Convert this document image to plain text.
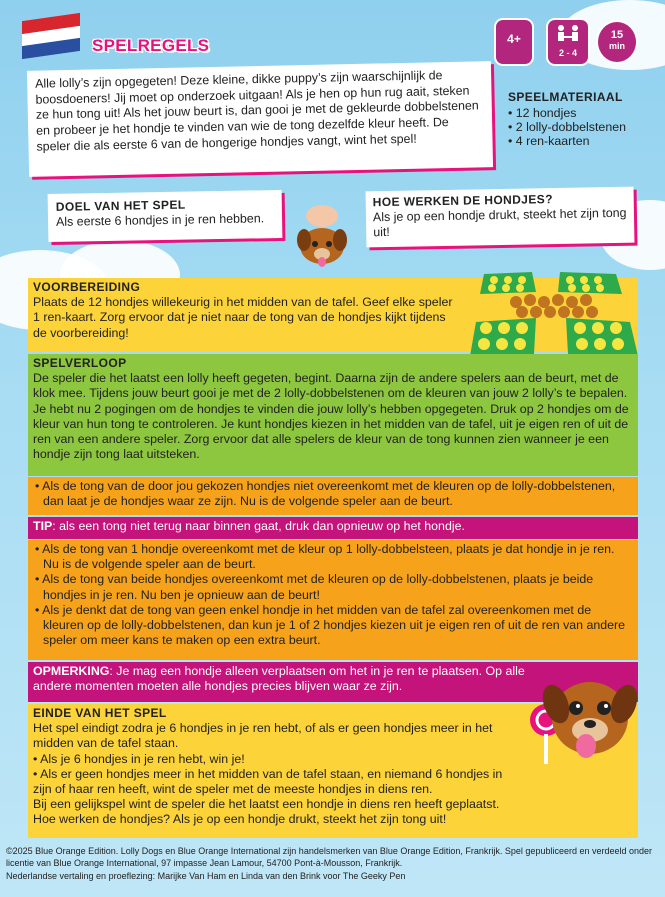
SPELREGELS	4+
2 - 4
15
min
Alle lolly’s zijn opgegeten! Deze kleine, dikke puppy’s zijn waarschijnlijk de boosdoeners! Jij moet op onderzoek uitgaan! Als je hen op hun rug aait, steken ze hun tong uit! Als het jouw beurt is, dan gooi je met de gekleurde dobbelstenen en probeer je het hondje te vinden van wie de tong dezelfde kleur heeft. De speler die als eerste 6 van de hongerige hondjes vangt, wint het spel!
SPEELMATERIAAL
• 12 hondjes
• 2 lolly-dobbelstenen
• 4 ren-kaarten
DOEL VAN HET SPEL
Als eerste 6 hondjes in je ren hebben.
HOE WERKEN DE HONDJES?
Als je op een hondje drukt, steekt het zijn tong uit!
VOORBEREIDING
Plaats de 12 hondjes willekeurig in het midden van de tafel. Geef elke speler 1 ren-kaart. Zorg ervoor dat je niet naar de tong van de hondjes kijkt tijdens de voorbereiding!
SPELVERLOOP
De speler die het laatst een lolly heeft gegeten, begint. Daarna zijn de andere spelers aan de beurt, met de klok mee. Tijdens jouw beurt gooi je met de 2 lolly-dobbelstenen om de kleuren van jouw 2 lolly’s te bepalen. Je hebt nu 2 pogingen om de hondjes te vinden die jouw lolly’s hebben opgegeten. Druk op 2 hondjes om de kleur van hun tong te controleren. Je kunt hondjes kiezen in het midden van de tafel, uit je eigen ren of uit de ren van een andere speler. Zorg ervoor dat alle spelers de kleur van de tong kunnen zien wanneer je een hondje zijn tong laat uitsteken.
• Als de tong van de door jou gekozen hondjes niet overeenkomt met de kleuren op de lolly-dobbelstenen, dan laat je de hondjes waar ze zijn. Nu is de volgende speler aan de beurt.
TIP: als een tong niet terug naar binnen gaat, druk dan opnieuw op het hondje.
• Als de tong van 1 hondje overeenkomt met de kleur op 1 lolly-dobbelsteen, plaats je dat hondje in je ren. Nu is de volgende speler aan de beurt.
• Als de tong van beide hondjes overeenkomt met de kleuren op de lolly-dobbelstenen, plaats je beide hondjes in je ren. Nu ben je opnieuw aan de beurt!
• Als je denkt dat de tong van geen enkel hondje in het midden van de tafel zal overeenkomen met de kleuren op de lolly-dobbelstenen, dan kun je 1 of 2 hondjes kiezen uit je eigen ren of uit de ren van andere speler om meer kans te maken op een extra beurt.
OPMERKING: Je mag een hondje alleen verplaatsen om het in je ren te plaatsen. Op alle andere momenten moeten alle hondjes precies blijven waar ze zijn.
EINDE VAN HET SPEL
Het spel eindigt zodra je 6 hondjes in je ren hebt, of als er geen hondjes meer in het midden van de tafel staan.
• Als je 6 hondjes in je ren hebt, win je!
• Als er geen hondjes meer in het midden van de tafel staan, en niemand 6 hondjes in zijn of haar ren heeft, wint de speler met de meeste hondjes in diens ren.
Bij een gelijkspel wint de speler die het laatst een hondje in diens ren heeft geplaatst.
Hoe werken de hondjes? Als je op een hondje drukt, steekt het zijn tong uit!
©2025 Blue Orange Edition. Lolly Dogs en Blue Orange International zijn handelsmerken van Blue Orange Edition, Frankrijk. Spel gepubliceerd en verdeeld onder licentie van Blue Orange International, 97 impasse Jean Lamour, 54700 Pont-à-Mousson, Frankrijk.
Nederlandse vertaling en proeflezing: Marijke Van Ham en Linda van den Brink voor The Geeky Pen
